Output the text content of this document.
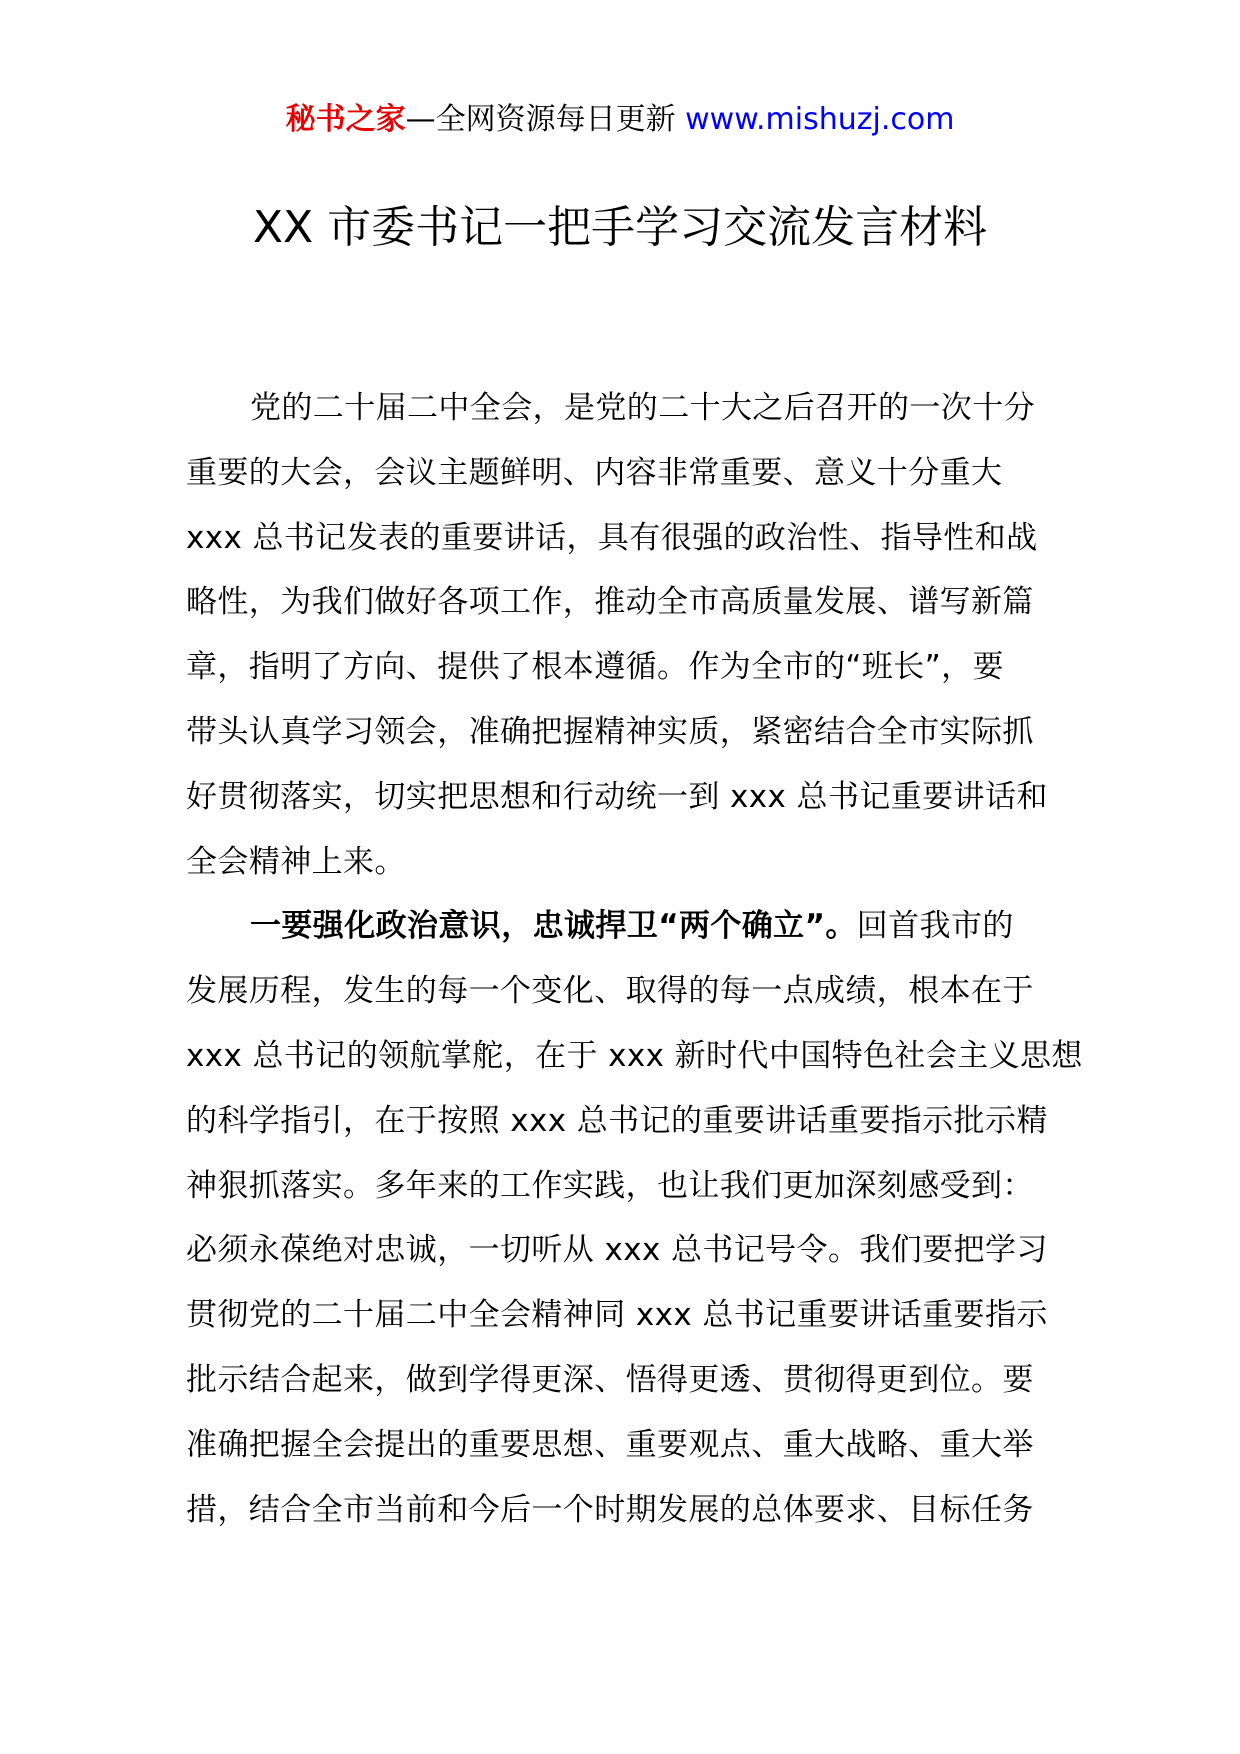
秘书之家—全网资源每日更新 www.mishuzj.com
XX 市委书记一把手学习交流发言材料
党的二十届二中全会，是党的二十大之后召开的一次十分
重要的大会，会议主题鲜明、内容非常重要、意义十分重大
xxx 总书记发表的重要讲话，具有很强的政治性、指导性和战
略性，为我们做好各项工作，推动全市高质量发展、谱写新篇
章，指明了方向、提供了根本遵循。作为全市的“班长”，要
带头认真学习领会，准确把握精神实质，紧密结合全市实际抓
好贯彻落实，切实把思想和行动统一到 xxx 总书记重要讲话和
全会精神上来。
一要强化政治意识，忠诚捍卫“两个确立”。回首我市的
发展历程，发生的每一个变化、取得的每一点成绩，根本在于
xxx 总书记的领航掌舵，在于 xxx 新时代中国特色社会主义思想
的科学指引，在于按照 xxx 总书记的重要讲话重要指示批示精
神狠抓落实。多年来的工作实践，也让我们更加深刻感受到：
必须永葆绝对忠诚，一切听从 xxx 总书记号令。我们要把学习
贯彻党的二十届二中全会精神同 xxx 总书记重要讲话重要指示
批示结合起来，做到学得更深、悟得更透、贯彻得更到位。要
准确把握全会提出的重要思想、重要观点、重大战略、重大举
措，结合全市当前和今后一个时期发展的总体要求、目标任务
